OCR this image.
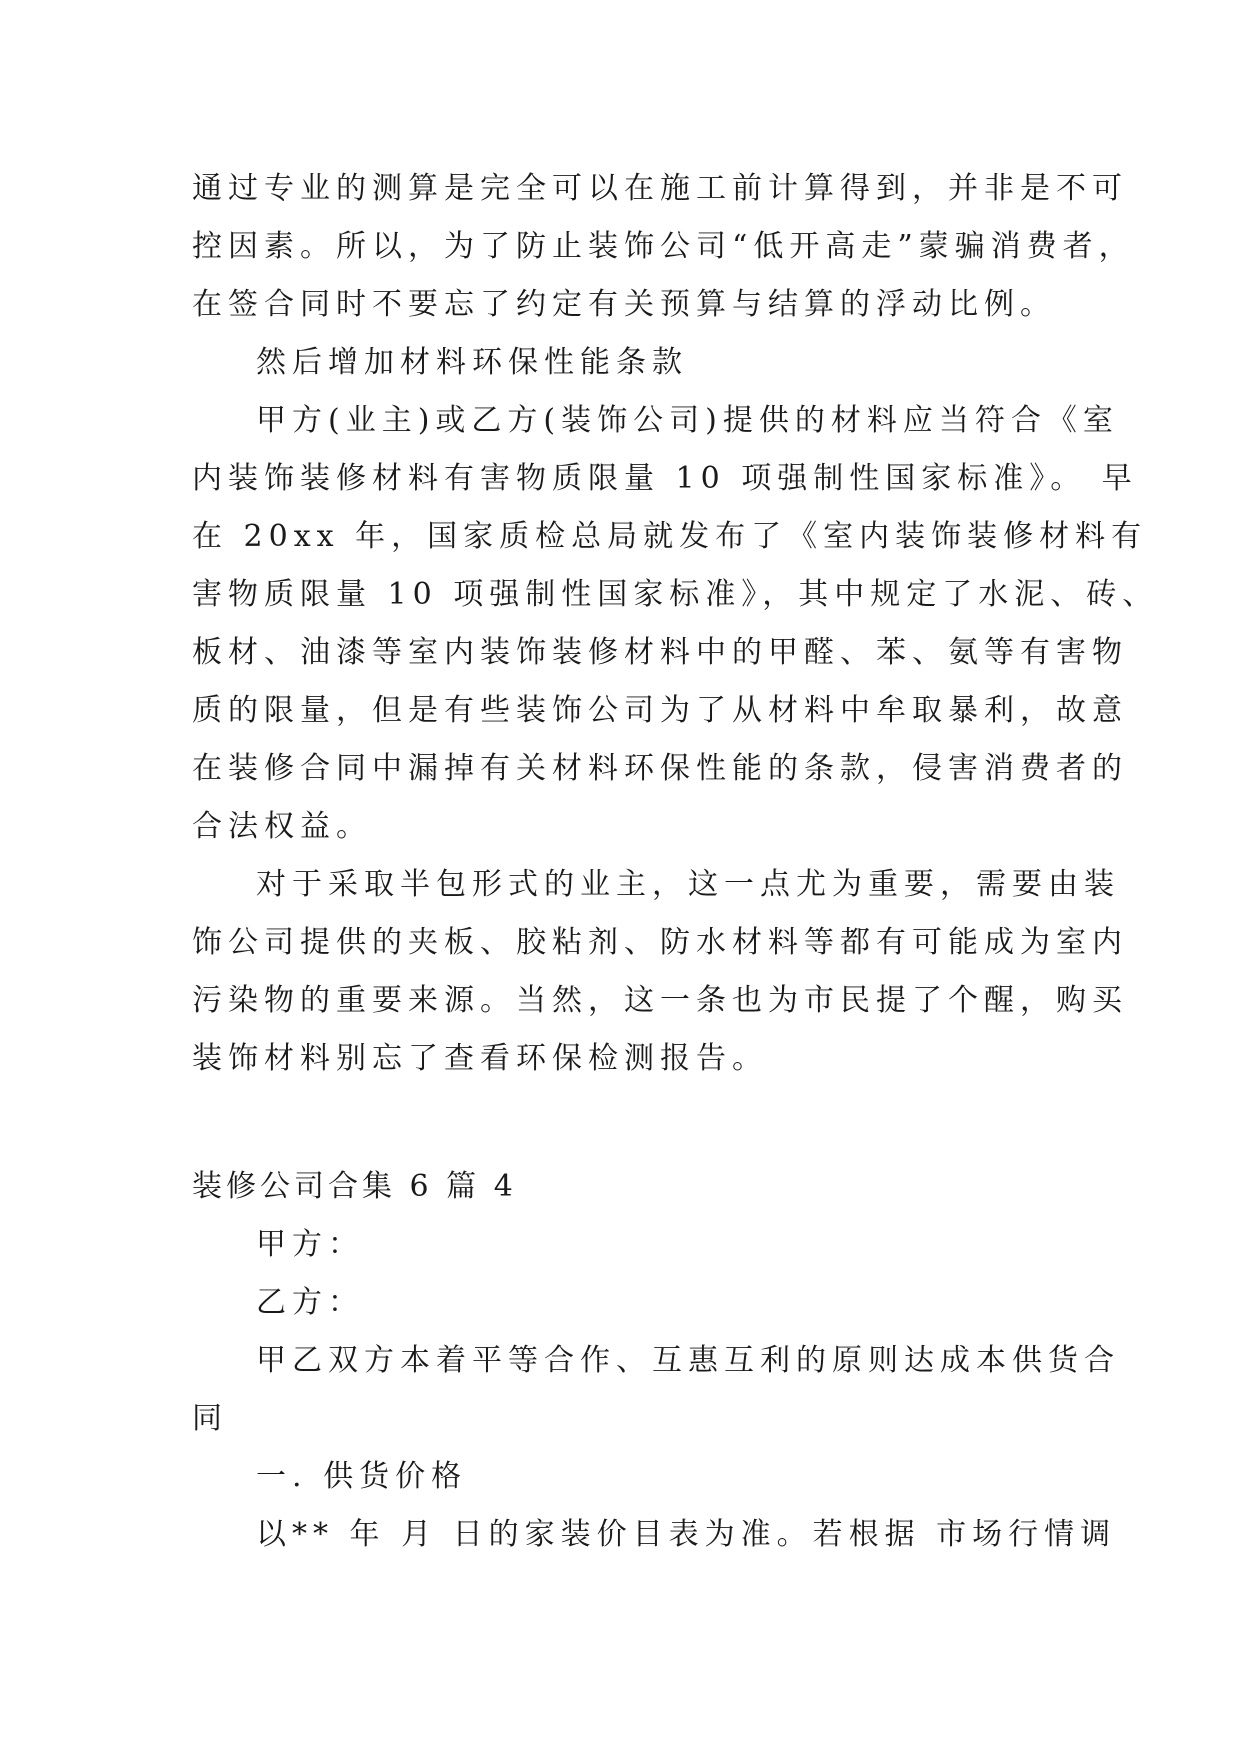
通过专业的测算是完全可以在施工前计算得到，并非是不可
控因素。所以，为了防止装饰公司“低开高走”蒙骗消费者，
在签合同时不要忘了约定有关预算与结算的浮动比例。
然后增加材料环保性能条款
甲方(业主)或乙方(装饰公司)提供的材料应当符合《室
内装饰装修材料有害物质限量 10 项强制性国家标准》。 早
在 20xx 年，国家质检总局就发布了《室内装饰装修材料有
害物质限量 10 项强制性国家标准》，其中规定了水泥、砖、
板材、油漆等室内装饰装修材料中的甲醛、苯、氨等有害物
质的限量，但是有些装饰公司为了从材料中牟取暴利，故意
在装修合同中漏掉有关材料环保性能的条款，侵害消费者的
合法权益。
对于采取半包形式的业主，这一点尤为重要，需要由装
饰公司提供的夹板、胶粘剂、防水材料等都有可能成为室内
污染物的重要来源。当然，这一条也为市民提了个醒，购买
装饰材料别忘了查看环保检测报告。
装修公司合集 6 篇 4
甲方：
乙方：
甲乙双方本着平等合作、互惠互利的原则达成本供货合
同
一. 供货价格
以** 年 月 日的家装价目表为准。若根据 市场行情调
